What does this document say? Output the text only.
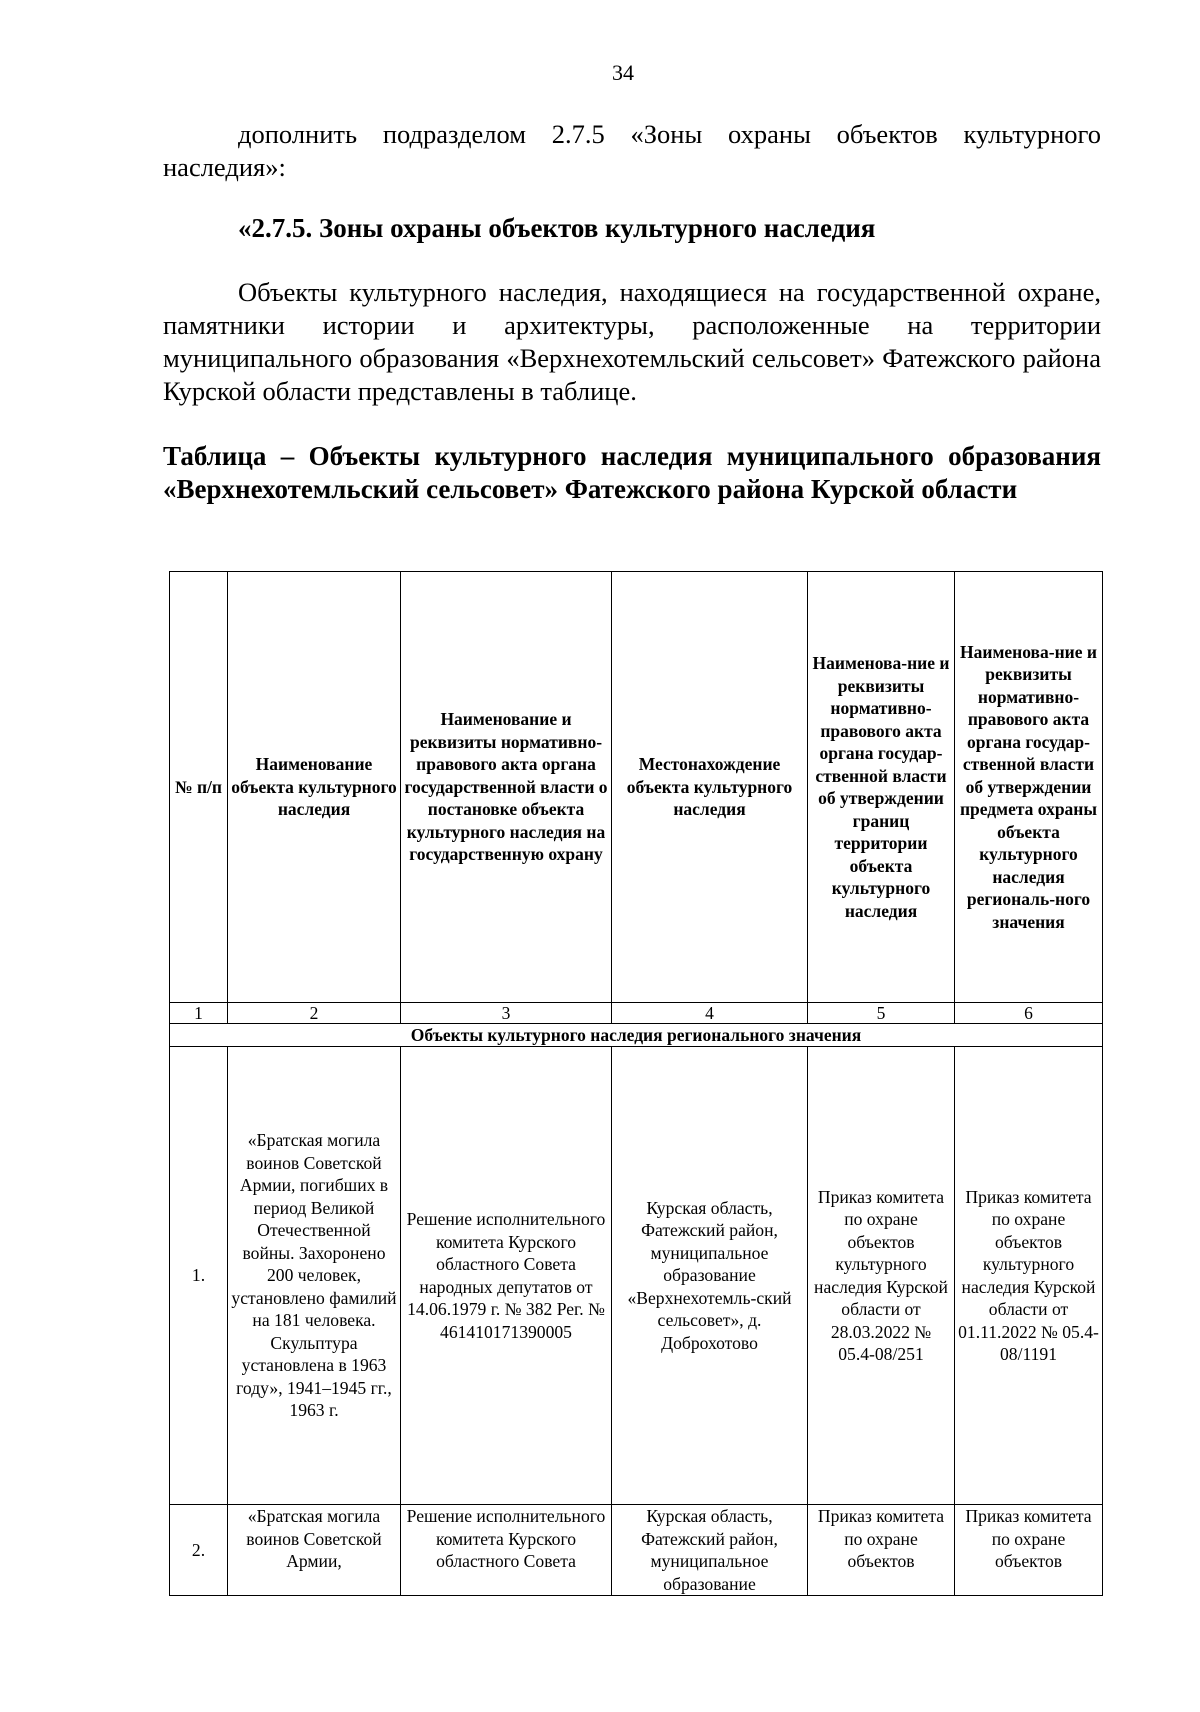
34
дополнить подразделом 2.7.5 «Зоны охраны объектов культурного наследия»:
«2.7.5. Зоны охраны объектов культурного наследия
Объекты культурного наследия, находящиеся на государственной охране, памятники истории и архитектуры, расположенные на территории муниципального образования «Верхнехотемльский сельсовет» Фатежского района Курской области представлены в таблице.
Таблица – Объекты культурного наследия муниципального образования «Верхнехотемльский сельсовет» Фатежского района Курской области
№ п/п	Наименование объекта культурного наследия	Наименование и реквизиты нормативно-правового акта органа государственной власти о постановке объекта культурного наследия на государственную охрану	Местонахождение объекта культурного наследия	Наименова-ние и реквизиты нормативно-правового акта органа государ-ственной власти об утверждении границ территории объекта культурного наследия	Наименова-ние и реквизиты нормативно-правового акта органа государ-ственной власти об утверждении предмета охраны объекта культурного наследия региональ-ного значения
1	2	3	4	5	6
Объекты культурного наследия регионального значения					
1.	«Братская могила воинов Советской Армии, погибших в период Великой Отечественной войны. Захоронено 200 человек, установлено фамилий на 181 человека. Скульптура установлена в 1963 году», 1941–1945 гг., 1963 г.	Решение исполнительного комитета Курского областного Совета народных депутатов от 14.06.1979 г. № 382 Рег. № 461410171390005	Курская область, Фатежский район, муниципальное образование «Верхнехотемль-ский сельсовет», д. Доброхотово	Приказ комитета по охране объектов культурного наследия Курской области от 28.03.2022 № 05.4-08/251	Приказ комитета по охране объектов культурного наследия Курской области от 01.11.2022 № 05.4-08/1191
2.	«Братская могила воинов Советской Армии,	Решение исполнительного комитета Курского областного Совета	Курская область, Фатежский район, муниципальное образование	Приказ комитета по охране объектов	Приказ комитета по охране объектов
